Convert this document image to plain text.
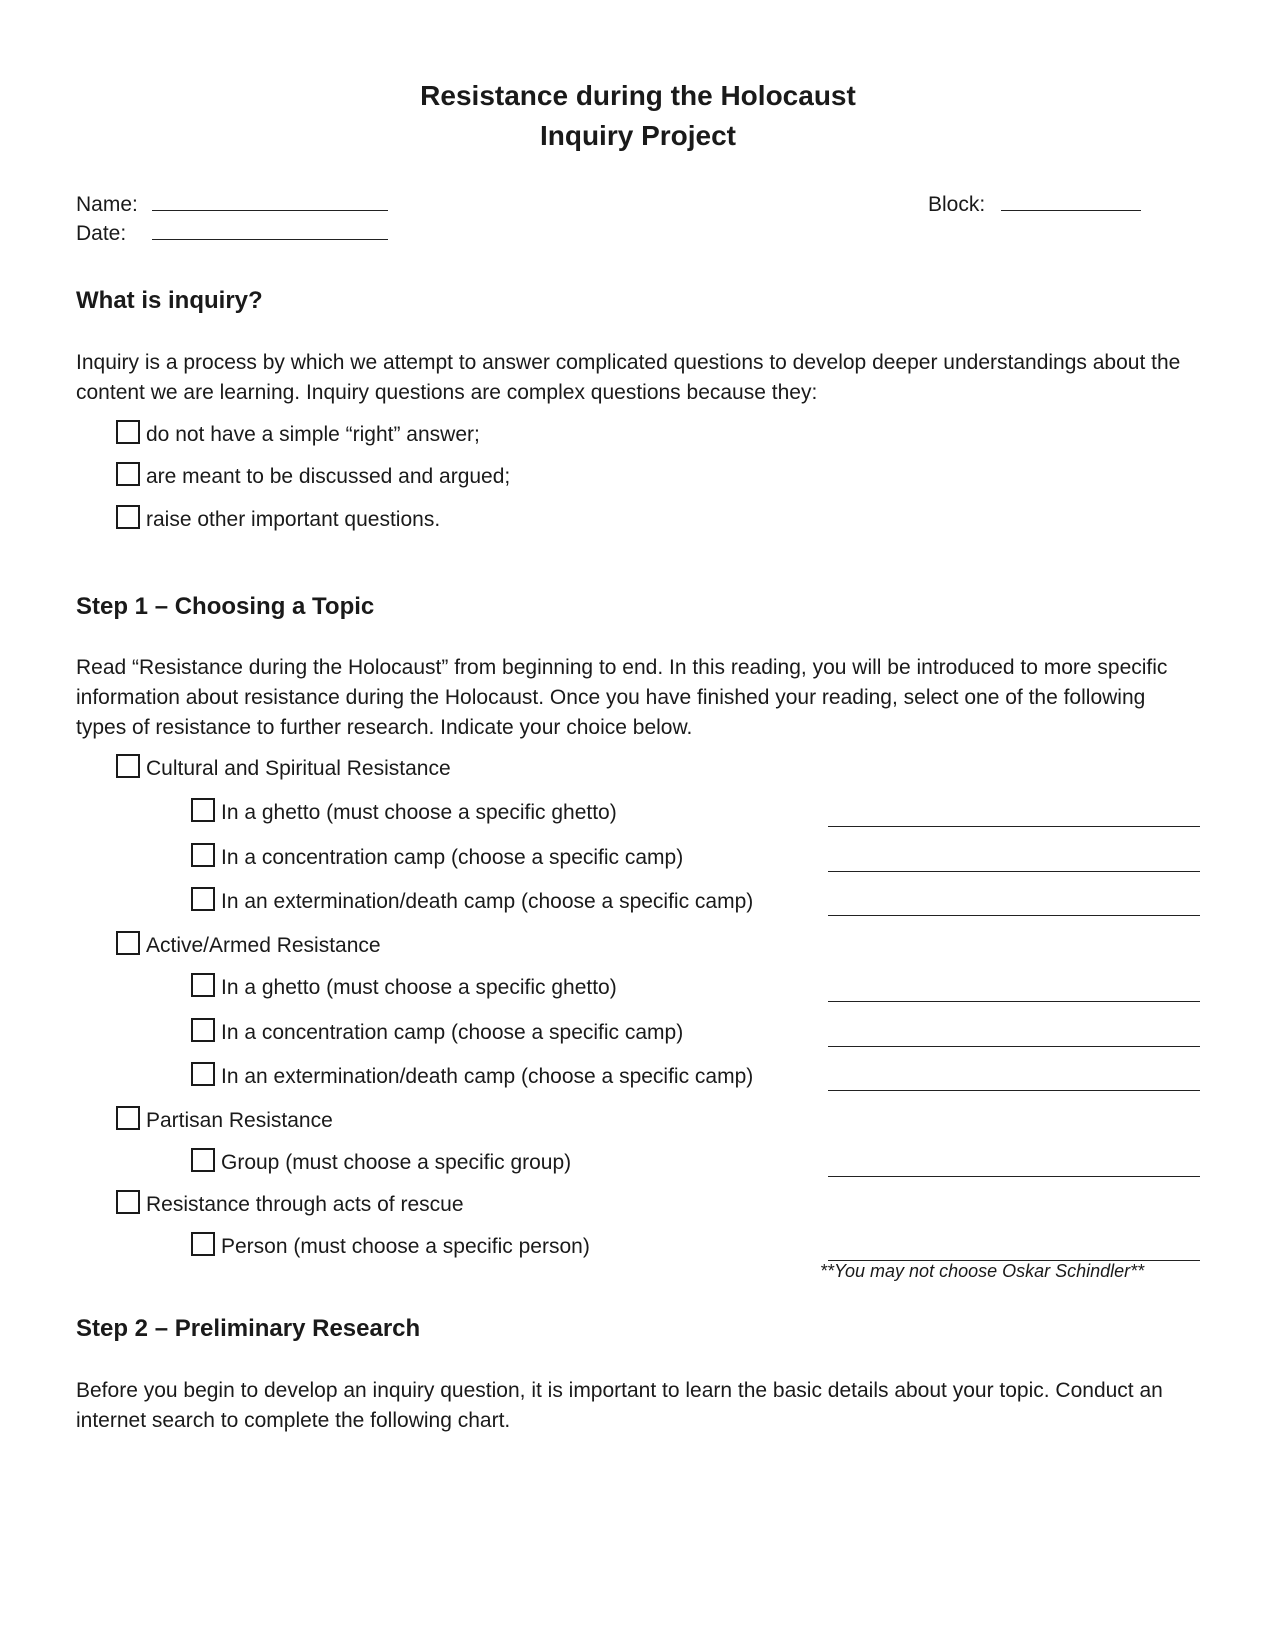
Resistance during the Holocaust
Inquiry Project
Name:
Date:
Block:
What is inquiry?
Inquiry is a process by which we attempt to answer complicated questions to develop deeper understandings about the content we are learning. Inquiry questions are complex questions because they:
do not have a simple “right” answer;
are meant to be discussed and argued;
raise other important questions.
Step 1 – Choosing a Topic
Read “Resistance during the Holocaust” from beginning to end. In this reading, you will be introduced to more specific information about resistance during the Holocaust. Once you have finished your reading, select one of the following types of resistance to further research. Indicate your choice below.
Cultural and Spiritual Resistance
In a ghetto (must choose a specific ghetto)
In a concentration camp (choose a specific camp)
In an extermination/death camp (choose a specific camp)
Active/Armed Resistance
In a ghetto (must choose a specific ghetto)
In a concentration camp (choose a specific camp)
In an extermination/death camp (choose a specific camp)
Partisan Resistance
Group (must choose a specific group)
Resistance through acts of rescue
Person (must choose a specific person)
**You may not choose Oskar Schindler**
Step 2 – Preliminary Research
Before you begin to develop an inquiry question, it is important to learn the basic details about your topic. Conduct an internet search to complete the following chart.
